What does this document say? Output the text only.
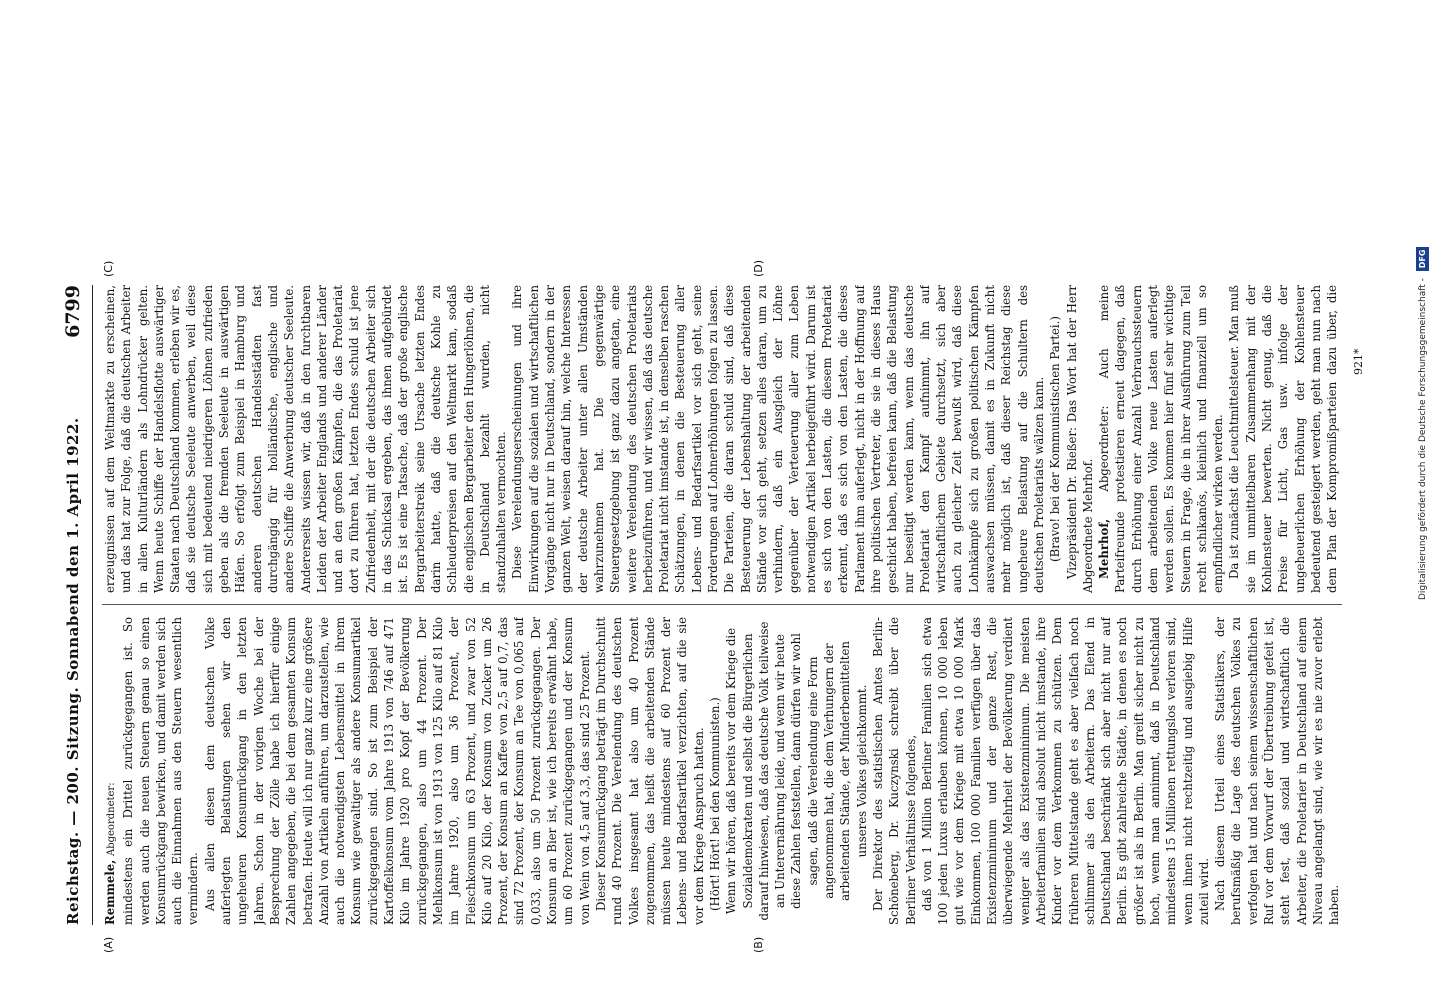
Reichstag. — 200. Sitzung. Sonnabend den 1. April 1922.
6799

Remmele, Abgeordneter: mindestens ein Drittel zurückgegangen ist. So werden auch die neuen Steuern genau so einen Konsumrückgang bewirken, und damit werden sich auch die Einnahmen aus den Steuern wesentlich vermindern. Aus allen diesen dem deutschen Volke auferlegten Belastungen sehen wir den ungeheuren Konsumrückgang in den letzten Jahren. Schon in der vorigen Woche bei der Besprechung der Zölle habe ich hierfür einige Zahlen angegeben, die bei dem gesamten Konsum betrafen. Heute will ich nur ganz kurz eine größere Anzahl von Artikeln anführen, um darzustellen, wie auch die notwendigsten Lebensmittel in ihrem Konsum wie gewaltiger als andere Konsumartikel zurückgegangen sind. So ist zum Beispiel der Kartoffelkonsum vom Jahre 1913 von 746 auf 471 Kilo im Jahre 1920 pro Kopf der Bevölkerung zurückgegangen, also um 44 Prozent. Der Mehlkonsum ist von 1913 von 125 Kilo auf 81 Kilo im Jahre 1920, also um 36 Prozent, der Fleischkonsum um 63 Prozent, und zwar von 52 Kilo auf 20 Kilo, der Konsum von Zucker um 26 Prozent, der Konsum an Kaffee von 2,5 auf 0,7, das sind 72 Prozent, der Konsum an Tee von 0,065 auf 0,033, also um 50 Prozent zurückgegangen. Der Konsum an Bier ist, wie ich bereits erwähnt habe, um 60 Prozent zurückgegangen und der Konsum von Wein von 4,5 auf 3,3, das sind 25 Prozent. Dieser Konsumrückgang beträgt im Durchschnitt rund 40 Prozent. Die Verelendung des deutschen Volkes insgesamt hat also um 40 Prozent zugenommen, das heißt die arbeitenden Stände müssen heute mindestens auf 60 Prozent der Lebens- und Bedarfsartikel verzichten, auf die sie vor dem Kriege Anspruch hatten. (Hört! Hört! bei den Kommunisten.) Wenn wir hören, daß bereits vor dem Kriege die Sozialdemokraten und selbst die Bürgerlichen darauf hinwiesen, daß das deutsche Volk teilweise an Unterernährung leide, und wenn wir heute diese Zahlen feststellen, dann dürfen wir wohl sagen, daß die Verelendung eine Form angenommen hat, die dem Verhungern der arbeitenden Stände, der Minderbemittelten unseres Volkes gleichkommt. Der Direktor des statistischen Amtes Berlin-Schöneberg, Dr. Kuczynski schreibt über die Berliner Verhältnisse folgendes, daß von 1 Million Berliner Familien sich etwa 100 jeden Luxus erlauben können, 10 000 leben gut wie vor dem Kriege mit etwa 10 000 Mark Einkommen, 100 000 Familien verfügen über das Existenzminimum und der ganze Rest, die überwiegende Mehrheit der Bevölkerung verdient weniger als das Existenzminimum. Die meisten Arbeiterfamilien sind absolut nicht imstande, ihre Kinder vor dem Verkommen zu schützen. Dem früheren Mittelstande geht es aber vielfach noch schlimmer als den Arbeitern. Das Elend in Deutschland beschränkt sich aber nicht nur auf Berlin. Es gibt zahlreiche Städte, in denen es noch größer ist als in Berlin. Man greift sicher nicht zu hoch, wenn man annimmt, daß in Deutschland mindestens 15 Millionen rettungslos verloren sind, wenn ihnen nicht rechtzeitig und ausgiebig Hilfe zuteil wird. Nach diesem Urteil eines Statistikers, der berufsmäßig die Lage des deutschen Volkes zu verfolgen hat und nach seinem wissenschaftlichen Ruf vor dem Vorwurf der Übertreibung gefeit ist, steht fest, daß sozial und wirtschaftlich die Arbeiter, die Proletarier in Deutschland auf einem Niveau angelangt sind, wie wir es nie zuvor erlebt haben.

erzeugnissen auf dem Weltmarkte zu erscheinen, und das hat zur Folge, daß die deutschen Arbeiter in allen Kulturländern als Lohndrücker gelten. Wenn heute Schiffe der Handelsflotte auswärtiger Staaten nach Deutschland kommen, erleben wir es, daß sie deutsche Seeleute anwerben, weil diese sich mit bedeutend niedrigeren Löhnen zufrieden geben als die fremden Seeleute in auswärtigen Häfen. So erfolgt zum Beispiel in Hamburg und anderen deutschen Handelsstädten fast durchgängig für holländische, englische und andere Schiffe die Anwerbung deutscher Seeleute. Andererseits wissen wir, daß in den furchtbaren Leiden der Arbeiter Englands und anderer Länder und an den großen Kämpfen, die das Proletariat dort zu führen hat, letzten Endes schuld ist jene Zufriedenheit, mit der die deutschen Arbeiter sich in das Schicksal ergeben, das ihnen aufgebürdet ist. Es ist eine Tatsache, daß der große englische Bergarbeiterstreik seine Ursache letzten Endes darin hatte, daß die deutsche Kohle zu Schleuderpreisen auf den Weltmarkt kam, sodaß die englischen Bergarbeiter den Hungerlöhnen, die in Deutschland bezahlt wurden, nicht standzuhalten vermochten. Diese Verelendungserscheinungen und ihre Einwirkungen auf die sozialen und wirtschaftlichen Vorgänge nicht nur in Deutschland, sondern in der ganzen Welt, weisen darauf hin, welche Interessen der deutsche Arbeiter unter allen Umständen wahrzunehmen hat. Die gegenwärtige Steuergesetzgebung ist ganz dazu angetan, eine weitere Verelendung des deutschen Proletariats herbeizuführen, und wir wissen, daß das deutsche Proletariat nicht imstande ist, in denselben raschen Schätzungen, in denen die Besteuerung aller Lebens- und Bedarfsartikel vor sich geht, seine Forderungen auf Lohnerhöhungen folgen zu lassen. Die Parteien, die daran schuld sind, daß diese Besteuerung der Lebenshaltung der arbeitenden Stände vor sich geht, setzen alles daran, um zu verhindern, daß ein Ausgleich der Löhne gegenüber der Verteuerung aller zum Leben notwendigen Artikel herbeigeführt wird. Darum ist es sich von den Lasten, die diesem Proletariat erkennt, daß es sich von den Lasten, die dieses Parlament ihm auferlegt, nicht in der Hoffnung auf ihre politischen Vertreter, die sie in dieses Haus geschickt haben, befreien kann, daß die Belastung nur beseitigt werden kann, wenn das deutsche Proletariat den Kampf aufnimmt, ihn auf wirtschaftlichem Gebiete durchsetzt, sich aber auch zu gleicher Zeit bewußt wird, daß diese Lohnkämpfe sich zu großen politischen Kämpfen auswachsen müssen, damit es in Zukunft nicht mehr möglich ist, daß dieser Reichstag diese ungeheure Belastung auf die Schultern des deutschen Proletariats wälzen kann. (Bravo! bei der Kommunistischen Partei.) Vizepräsident Dr. Rießer: Das Wort hat der Herr Abgeordnete Mehrhof. Mehrhof, Abgeordneter: Auch meine Parteifreunde protestieren erneut dagegen, daß durch Erhöhung einer Anzahl Verbrauchssteuern dem arbeitenden Volke neue Lasten auferlegt werden sollen. Es kommen hier fünf sehr wichtige Steuern in Frage, die in ihrer Ausführung zum Teil recht schikanös, kleinlich und finanziell um so empfindlicher wirken werden. Da ist zunächst die Leuchtmittelsteuer. Man muß sie im unmittelbaren Zusammenhang mit der Kohlensteuer bewerten. Nicht genug, daß die Preise für Licht, Gas usw. infolge der ungeheuerlichen Erhöhung der Kohlensteuer bedeutend gesteigert werden, geht man nun nach dem Plan der Kompromißparteien dazu über, die

(A)	(B)
(C)	(D)
921*	Digitalisierung gefördert durch die Deutsche Forschungsgemeinschaft - DFG
